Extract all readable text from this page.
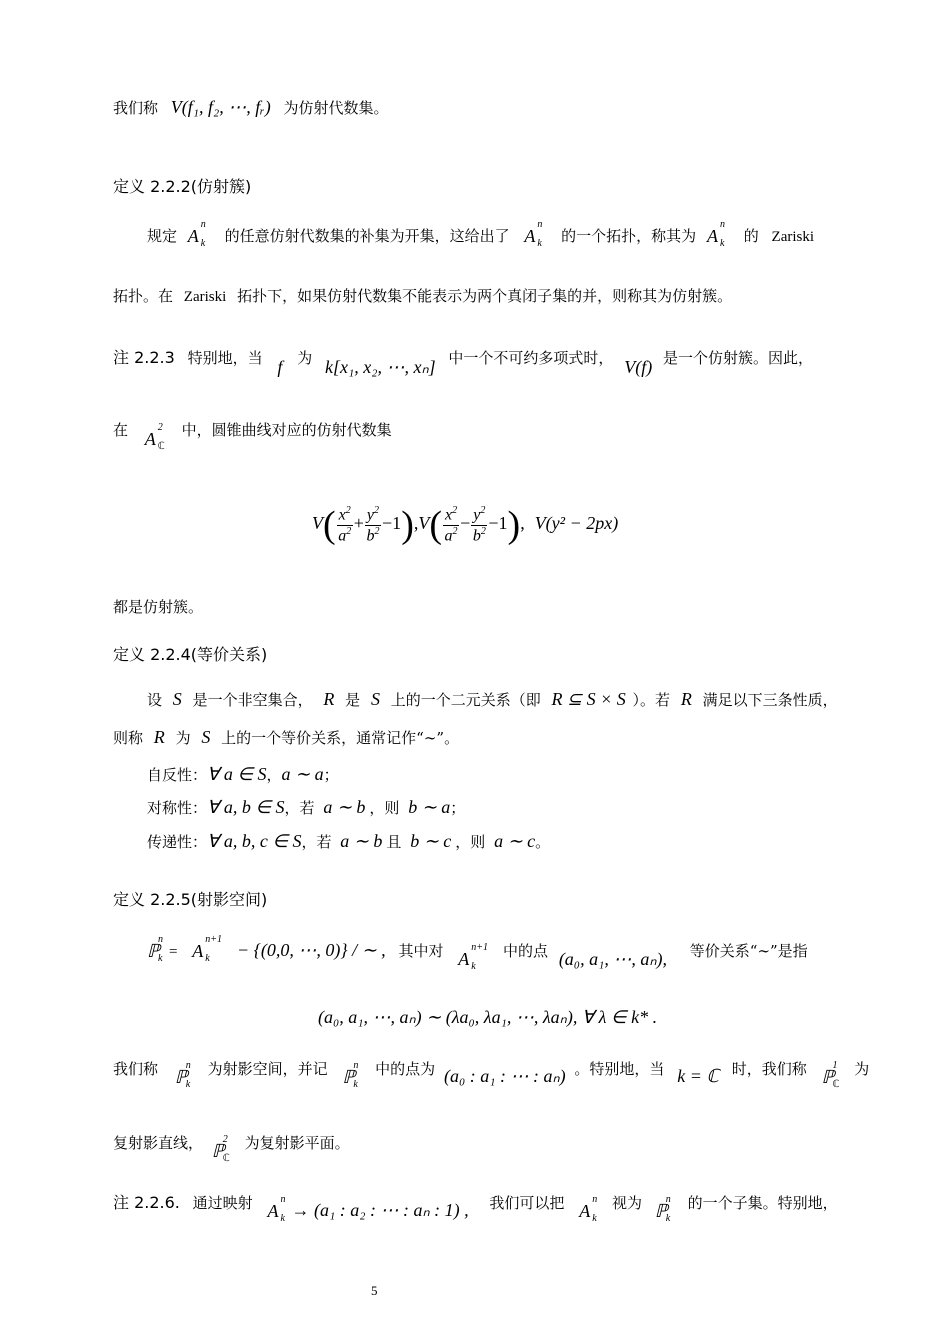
我们称 V(f₁, f₂, ⋯, fᵣ) 为仿射代数集。
定义 2.2.2(仿射簇)
规定 A
n
k 的任意仿射代数集的补集为开集，这给出了 A
n
k 的一个拓扑，称其为 A
n
k 的 Zariski
拓扑。在 Zariski 拓扑下，如果仿射代数集不能表示为两个真闭子集的并，则称其为仿射簇。
注 2.2.3 特别地，当 f 为 k[x₁, x₂, ⋯, xₙ] 中一个不可约多项式时， V(f) 是一个仿射簇。因此，
在 A
2
ℂ
中，圆锥曲线对应的仿射代数集
$V( \frac{x^2}{a^2} + \frac{y^2}{b^2} -1),V( \frac{x^2}{a^2} - \frac{y^2}{b^2} -1)$, V(y² − 2px)
都是仿射簇。
定义 2.2.4(等价关系)
设 S 是一个非空集合， R 是 S 上的一个二元关系（即 R ⊆ S × S ）。若 R 满足以下三条性质，
则称 R 为 S 上的一个等价关系，通常记作“∼”。
自反性：∀ a ∈ S，a ∼ a；
对称性：∀ a, b ∈ S，若 a ∼ b ，则 b ∼ a；
传递性：∀ a, b, c ∈ S，若 a ∼ b 且 b ∼ c ，则 a ∼ c。
定义 2.2.5(射影空间)
ℙ
n
k = A
n+1
k − {(0,0, ⋯, 0)} / ∼ , 其中对 A
n+1
k
中的点 (a₀, a₁, ⋯, aₙ), 等价关系“∼”是指
(a₀, a₁, ⋯, aₙ) ∼ (λa₀, λa₁, ⋯, λaₙ), ∀ λ ∈ k* .
我们称 ℙ
n
k
为射影空间，并记 ℙ
n
k
中的点为 (a₀ : a₁ : ⋯ : aₙ) 。特别地，当 k = ℂ 时，我们称 ℙ
1
ℂ
为
复射影直线， ℙ
2
ℂ
为复射影平面。
注 2.2.6. 通过映射 A
n
k → (a₁ : a₂ : ⋯ : aₙ : 1) , 我们可以把 A
n
k
视为 ℙ
n
k
的一个子集。特别地，
5
